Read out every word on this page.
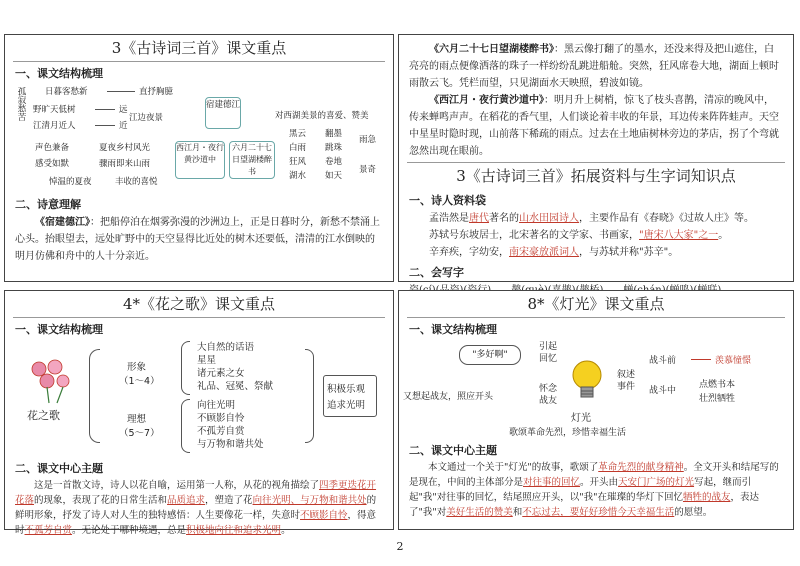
3《古诗词三首》课文重点
一、课文结构梳理
孤寂愁苦 日暮客愁新	直抒胸臆
野旷天低树	远
江清月近人	近
江边夜景
宿建德江
西江月・夜行黄沙道中
六月二十七日望湖楼醉书
对西湖美景的喜爱、赞美
黑云
白雨
狂风
湖水
翻墨
跳珠
卷地
如天
雨急
景奇
声色兼备
感受如默
夏夜乡村风光
骤雨即来山雨
悼温的夏夜	丰收的喜悦
二、诗意理解
《宿建德江》：把船停泊在烟雾弥漫的沙洲边上，正是日暮时分，新愁不禁涌上心头。抬眼望去，远处旷野中的天空显得比近处的树木还要低，清清的江水倒映的明月仿佛和舟中的人十分亲近。
《六月二十七日望湖楼醉书》：黑云像打翻了的墨水，还没来得及把山遮住，白亮亮的雨点便像洒落的珠子一样纷纷乱跳进船舱。突然，狂风席卷大地，湖面上顿时雨散云飞。凭栏而望，只见湖面水天映照，碧波如镜。
《西江月・夜行黄沙道中》：明月升上树梢，惊飞了枝头喜鹊，清凉的晚风中，传来蝉鸣声声。在稻花的香气里，人们谈论着丰收的年景，耳边传来阵阵蛙声。天空中星星时隐时现，山前落下稀疏的雨点。过去在土地庙树林旁边的茅店，拐了个弯就忽然出现在眼前。
3《古诗词三首》拓展资料与生字词知识点
一、诗人资料袋
孟浩然是唐代著名的山水田园诗人，主要作品有《春晓》《过故人庄》等。
苏轼号东坡居士，北宋著名的文学家、书画家，"唐宋八大家"之一。
辛弃疾，字幼安，南宋豪放派词人，与苏轼并称"苏辛"。
二、会写字
4*《花之歌》课文重点
一、课文结构梳理
花之歌
形象
（1～4）
理想
（5～7）
大自然的话语
星星
诸元素之女
礼品、冠冕、祭献
向往光明
不顾影自怜
不孤芳自赏
与万物和谐共处
积极乐观
追求光明
二、课文中心主题
这是一首散文诗，诗人以花自喻，运用第一人称，从花的视角描绘了四季更迭花开花落的现象，表现了花的日常生活和品质追求，塑造了花向往光明、与万物和谐共处的鲜明形象，抒发了诗人对人生的独特感悟：人生要像花一样，失意时不顾影自怜，得意时不孤芳自赏。无论处于哪种境遇，总是积极地向往和追求光明。
8*《灯光》课文重点
一、课文结构梳理
"多好啊"
引起回忆
又想起战友，照应开头
怀念战友
灯光
叙述事件
战斗前
战斗中
羡慕憧憬
点燃书本
壮烈牺牲
歌颂革命先烈，珍惜幸福生活
二、课文中心主题
本文通过一个关于"灯光"的故事，歌颂了革命先烈的献身精神。全文开头和结尾写的是现在，中间的主体部分是对往事的回忆。开头由天安门广场的灯光写起，继而引起"我"对往事的回忆，结尾照应开头，以"我"在璀璨的华灯下回忆牺牲的战友，表达了"我"对美好生活的赞美和不忘过去，要好好珍惜今天幸福生活的愿望。
2
